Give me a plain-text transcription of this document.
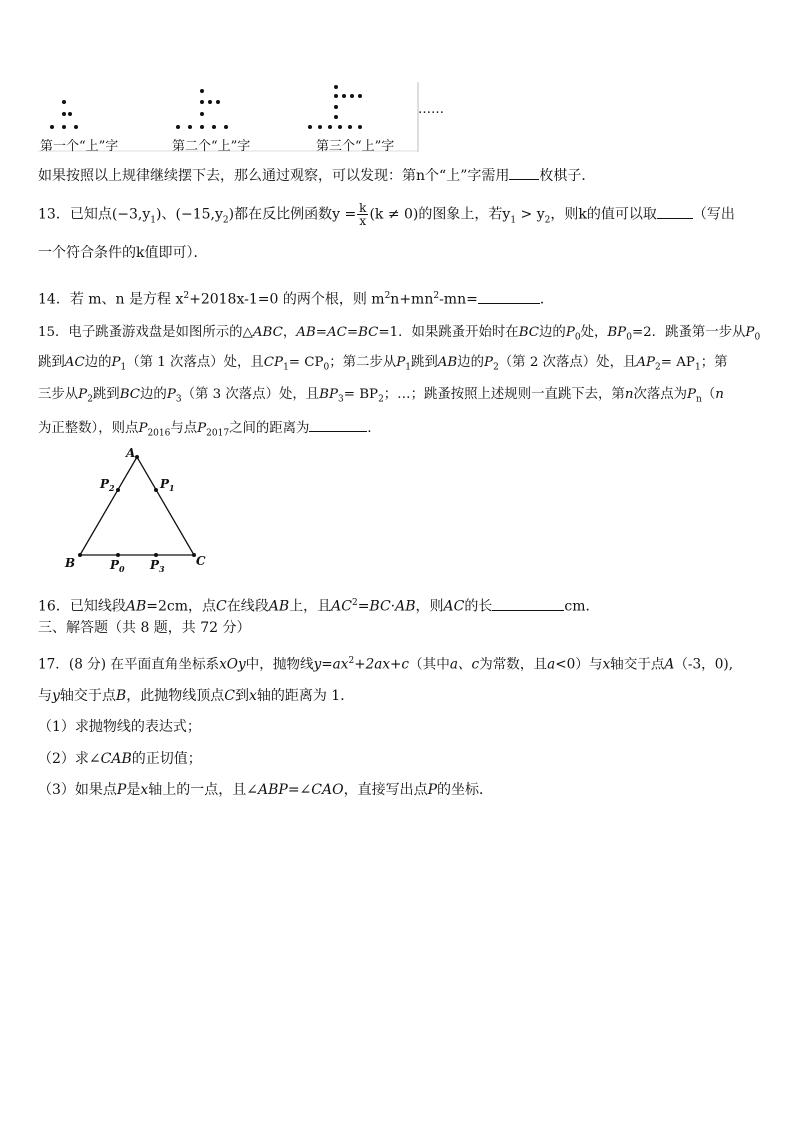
……
第一个“上”字	第二个“上”字	第三个“上”字
如果按照以上规律继续摆下去，那么通过观察，可以发现：第n个“上”字需用 枚棋子．
13．已知点$(-3,y_1)$、$(-15,y_2)$都在反比例函数$y = \frac{k}{x} (k \ne 0)$的图象上，若$y_1 > y_2$，则k的值可以取	（写出
一个符合条件的k值即可）．
14．若 m、n 是方程 $x^2+2018x-1=0$ 的两个根，则 $m^2n+mn^2-mn=$	．
15．电子跳蚤游戏盘是如图所示的△ABC，AB=AC=BC=1．如果跳蚤开始时在BC边的$P_0$处，$BP_0=2$．跳蚤第一步从$P_0$
跳到AC边的$P_1$（第 1 次落点）处，且$CP_1= CP_0$；第二步从$P_1$跳到AB边的$P_2$（第 2 次落点）处，且$AP_2= AP_1$；第
三步从$P_2$跳到BC边的$P_3$（第 3 次落点）处，且$BP_3= BP_2$；…；跳蚤按照上述规则一直跳下去，第n次落点为$P_n(n$
为正整数），则点$P_{2016}$与点$P_{2017}$之间的距离为	．
A
B	C
$P_1$
$P_2$
$P_0$ $P_3$
16．已知线段AB=2cm，点C在线段AB上，且$AC^2=BC\cdot AB$，则AC的长	cm．
三、解答题（共 8 题，共 72 分）
17．(8 分) 在平面直角坐标系xOy中，抛物线$y=ax^2+2ax+c$（其中a、c为常数，且a<0）与x轴交于点A（-3，0),
与y轴交于点B，此抛物线顶点C到x轴的距离为 1．
（1）求抛物线的表达式；
（2）求∠CAB的正切值；
（3）如果点P是x轴上的一点，且∠ABP=∠CAO，直接写出点P的坐标．
